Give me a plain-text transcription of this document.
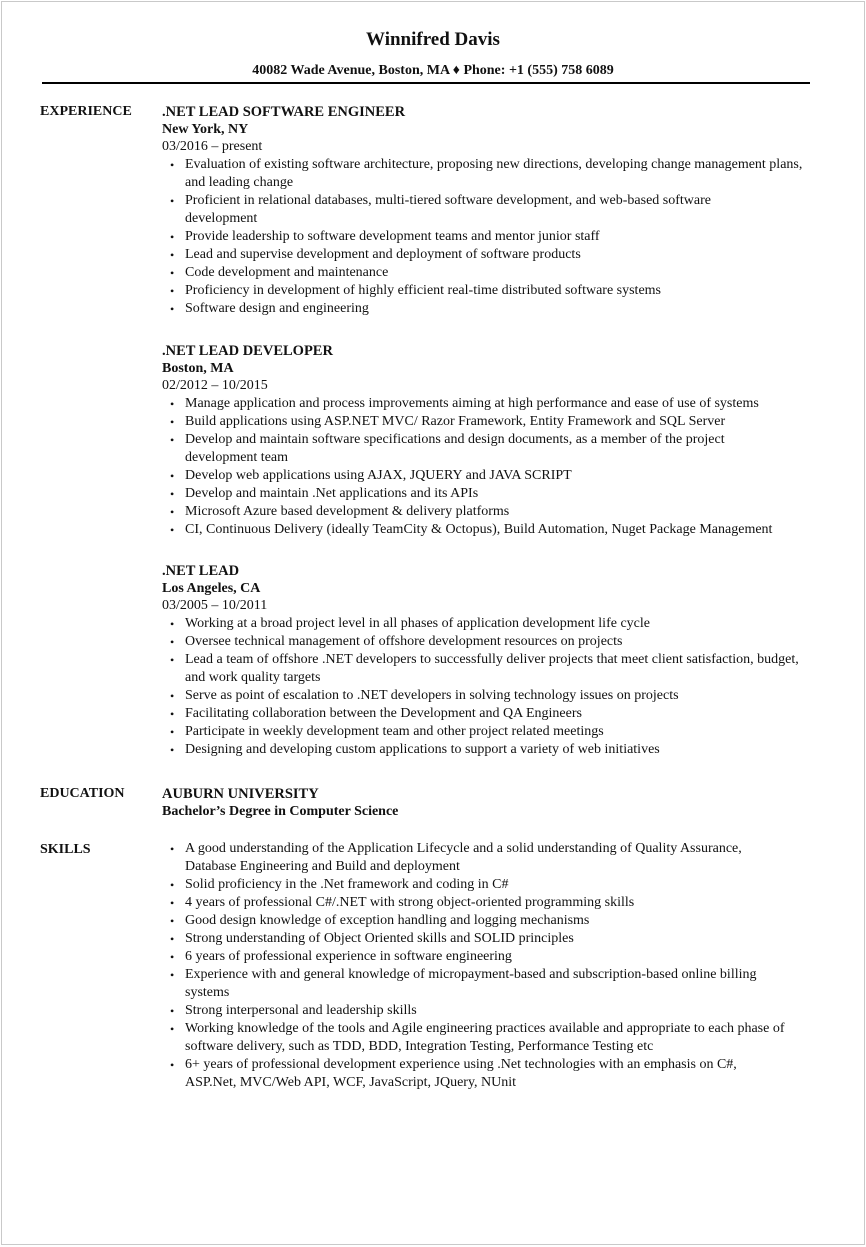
Winnifred Davis
40082 Wade Avenue, Boston, MA ♦ Phone: +1 (555) 758 6089
EXPERIENCE .NET LEAD SOFTWARE ENGINEER
New York, NY
03/2016 – present
• Evaluation of existing software architecture, proposing new directions, developing change management plans, and leading change
• Proficient in relational databases, multi-tiered software development, and web-based software development
• Provide leadership to software development teams and mentor junior staff
• Lead and supervise development and deployment of software products
• Code development and maintenance
• Proficiency in development of highly efficient real-time distributed software systems
• Software design and engineering
.NET LEAD DEVELOPER
Boston, MA
02/2012 – 10/2015
• Manage application and process improvements aiming at high performance and ease of use of systems
• Build applications using ASP.NET MVC/ Razor Framework, Entity Framework and SQL Server
• Develop and maintain software specifications and design documents, as a member of the project development team
• Develop web applications using AJAX, JQUERY and JAVA SCRIPT
• Develop and maintain .Net applications and its APIs
• Microsoft Azure based development & delivery platforms
• CI, Continuous Delivery (ideally TeamCity & Octopus), Build Automation, Nuget Package Management
.NET LEAD
Los Angeles, CA
03/2005 – 10/2011
• Working at a broad project level in all phases of application development life cycle
• Oversee technical management of offshore development resources on projects
• Lead a team of offshore .NET developers to successfully deliver projects that meet client satisfaction, budget, and work quality targets
• Serve as point of escalation to .NET developers in solving technology issues on projects
• Facilitating collaboration between the Development and QA Engineers
• Participate in weekly development team and other project related meetings
• Designing and developing custom applications to support a variety of web initiatives
EDUCATION	AUBURN UNIVERSITY
Bachelor’s Degree in Computer Science
SKILLS
•	A good understanding of the Application Lifecycle and a solid understanding of Quality Assurance, Database Engineering and Build and deployment
• Solid proficiency in the .Net framework and coding in C#
• 4 years of professional C#/.NET with strong object-oriented programming skills
• Good design knowledge of exception handling and logging mechanisms
• Strong understanding of Object Oriented skills and SOLID principles
• 6 years of professional experience in software engineering
• Experience with and general knowledge of micropayment-based and subscription-based online billing systems
• Strong interpersonal and leadership skills
• Working knowledge of the tools and Agile engineering practices available and appropriate to each phase of software delivery, such as TDD, BDD, Integration Testing, Performance Testing etc
• 6+ years of professional development experience using .Net technologies with an emphasis on C#, ASP.Net, MVC/Web API, WCF, JavaScript, JQuery, NUnit
